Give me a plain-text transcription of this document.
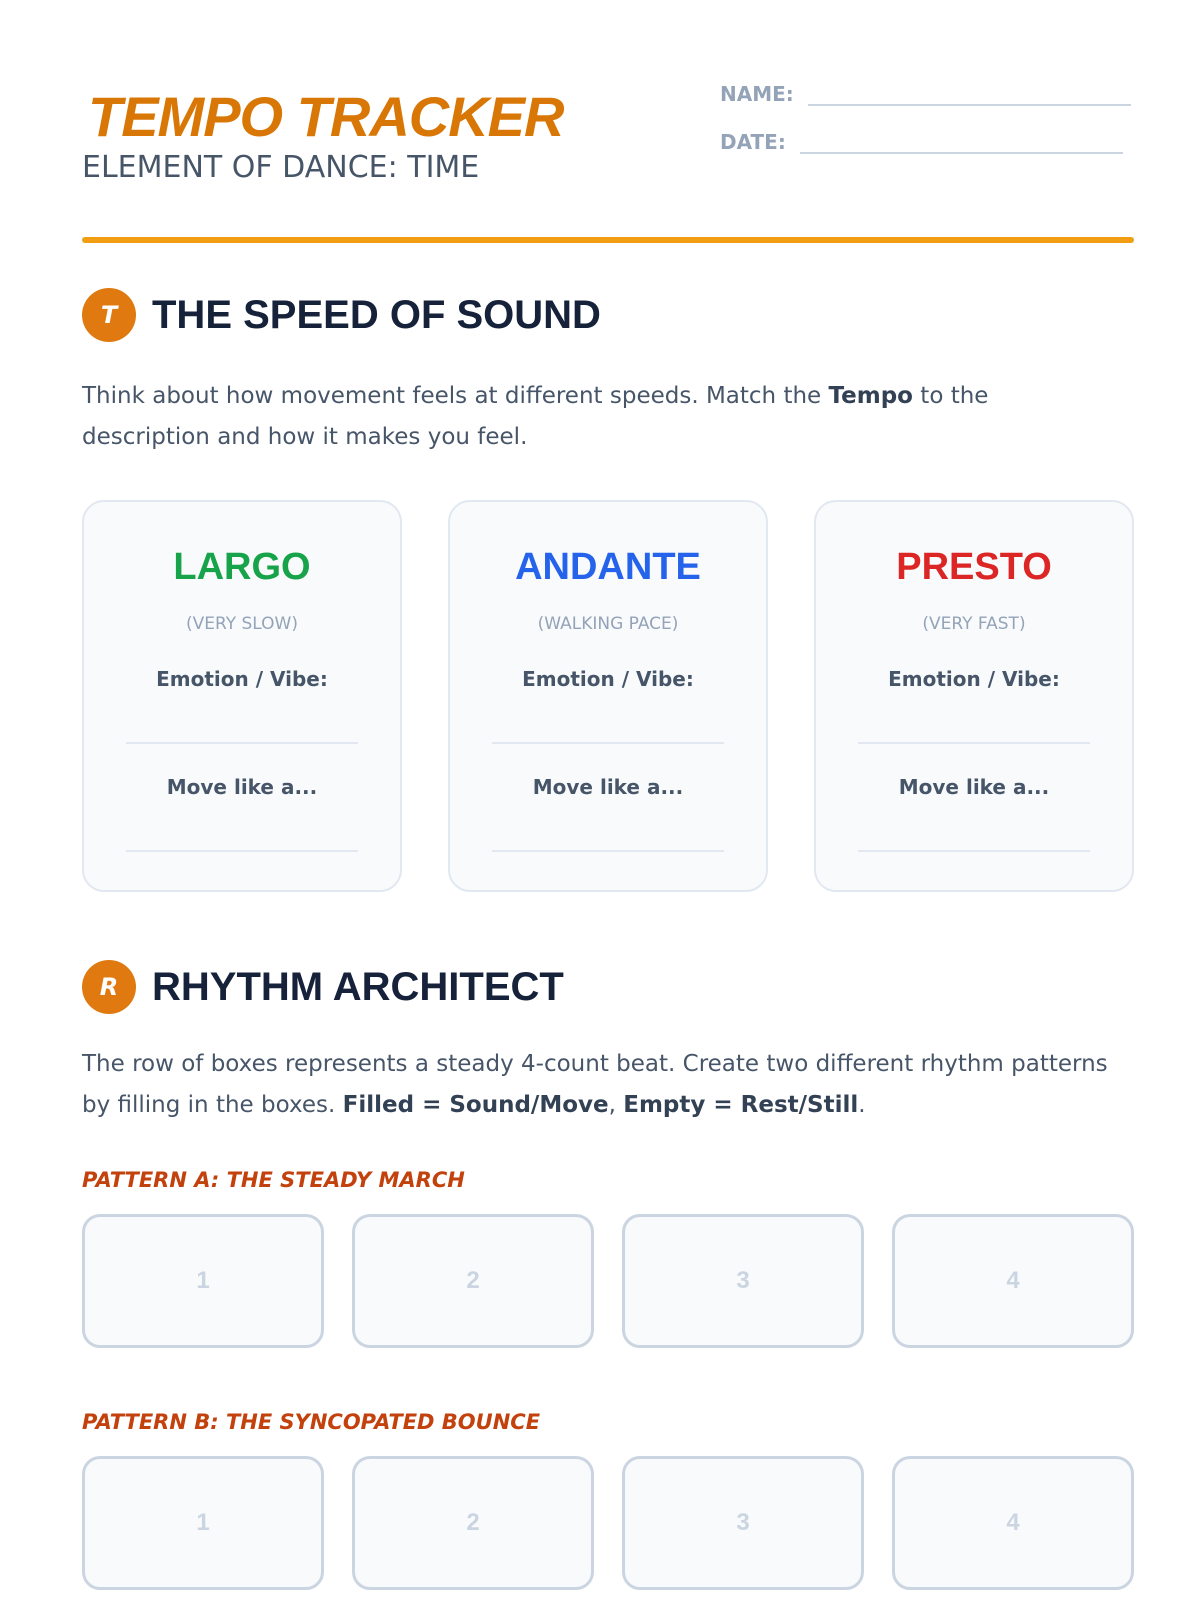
TEMPO TRACKER

ELEMENT OF DANCE: TIME

NAME:
DATE:
T THE SPEED OF SOUND

Think about how movement feels at different speeds. Match the Tempo to the description and how it makes you feel.

LARGO
(VERY SLOW)
Emotion / Vibe:
Move like a...
ANDANTE
(WALKING PACE)
Emotion / Vibe:
Move like a...
PRESTO
(VERY FAST)
Emotion / Vibe:
Move like a...
R RHYTHM ARCHITECT

The row of boxes represents a steady 4-count beat. Create two different rhythm patterns by filling in the boxes. Filled = Sound/Move, Empty = Rest/Still.

PATTERN A: THE STEADY MARCH

1	2	3	4

PATTERN B: THE SYNCOPATED BOUNCE

1	2	3	4
